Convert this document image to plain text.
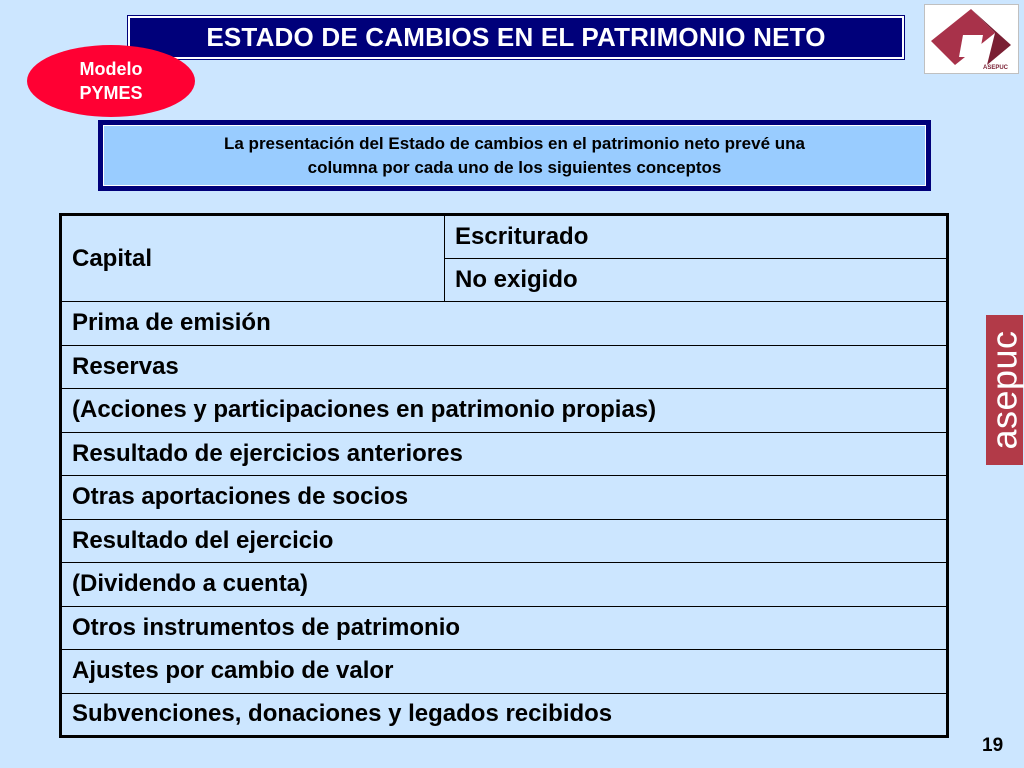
ESTADO DE CAMBIOS EN EL PATRIMONIO NETO
Modelo
PYMES
ASEPUC
La presentación del Estado de cambios en el patrimonio neto prevé una
columna por cada uno de los siguientes conceptos
Capital	Escriturado
No exigido
Prima de emisión
Reservas
(Acciones y participaciones en patrimonio propias)
Resultado de ejercicios anteriores
Otras aportaciones de socios
Resultado del ejercicio
(Dividendo a cuenta)
Otros instrumentos de patrimonio
Ajustes por cambio de valor
Subvenciones, donaciones y legados recibidos
asepuc
19
